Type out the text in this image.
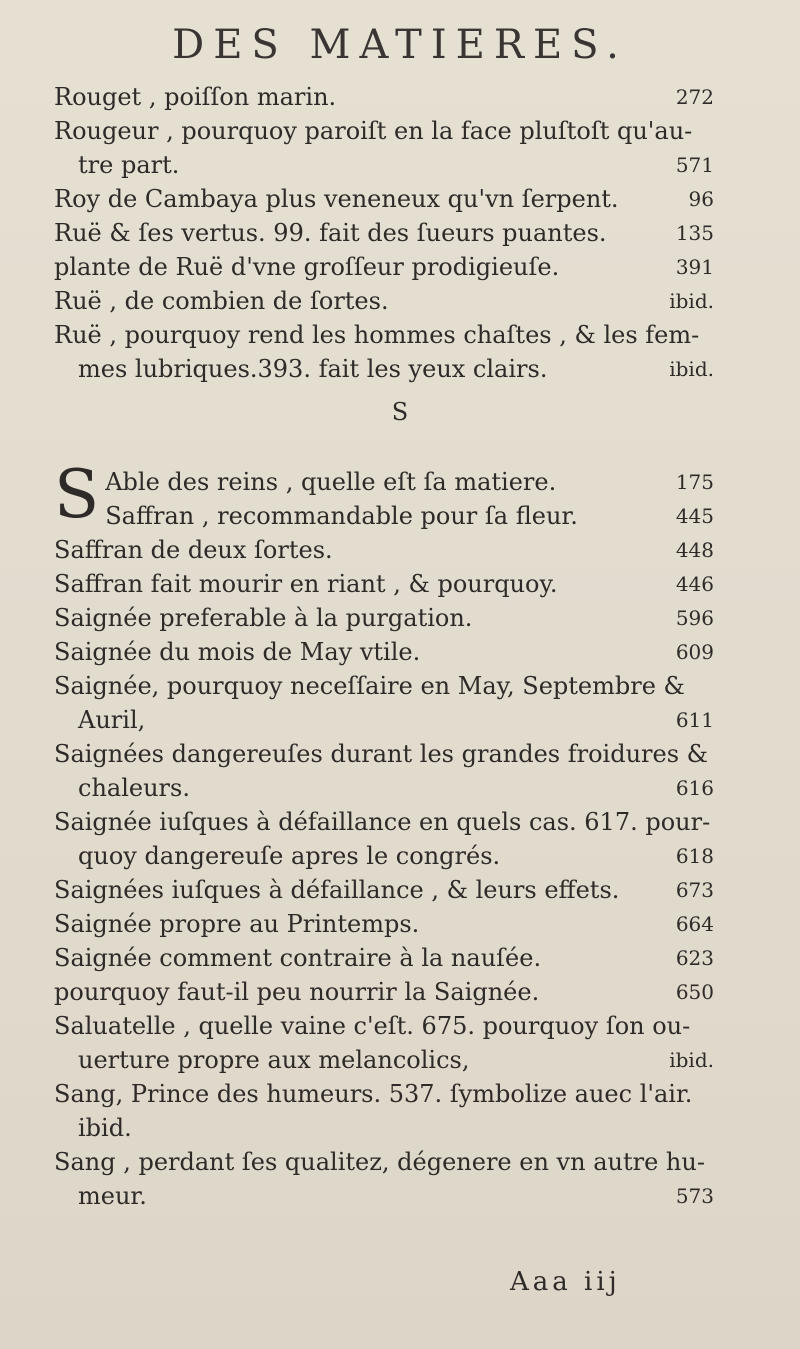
DES MATIERES.
Rouget , poiſſon marin.	272
Rougeur , pourquoy paroiſt en la face pluſtoſt qu'au-
tre part.	571
Roy de Cambaya plus veneneux qu'vn ſerpent.	96
Ruë & ſes vertus. 99. fait des ſueurs puantes.	135
plante de Ruë d'vne groſſeur prodigieuſe.	391
Ruë , de combien de ſortes.	ibid.
Ruë , pourquoy rend les hommes chaſtes , & les fem-
mes lubriques.393. fait les yeux clairs.	ibid.
S
S Able des reins , quelle eſt ſa matiere.	175
Saffran , recommandable pour ſa fleur.	445
Saffran de deux ſortes.	448
Saffran fait mourir en riant , & pourquoy.	446
Saignée preferable à la purgation.	596
Saignée du mois de May vtile.	609
Saignée, pourquoy neceſſaire en May, Septembre &
Auril,	611
Saignées dangereuſes durant les grandes froidures &
chaleurs.	616
Saignée iuſques à défaillance en quels cas. 617. pour-
quoy dangereuſe apres le congrés.	618
Saignées iuſques à défaillance , & leurs effets.	673
Saignée propre au Printemps.	664
Saignée comment contraire à la nauſée.	623
pourquoy faut-il peu nourrir la Saignée.	650
Saluatelle , quelle vaine c'eſt. 675. pourquoy ſon ou-
uerture propre aux melancolics,	ibid.
Sang, Prince des humeurs. 537. ſymbolize auec l'air.
ibid.
Sang , perdant ſes qualitez, dégenere en vn autre hu-
meur.	573
Aaa iij
